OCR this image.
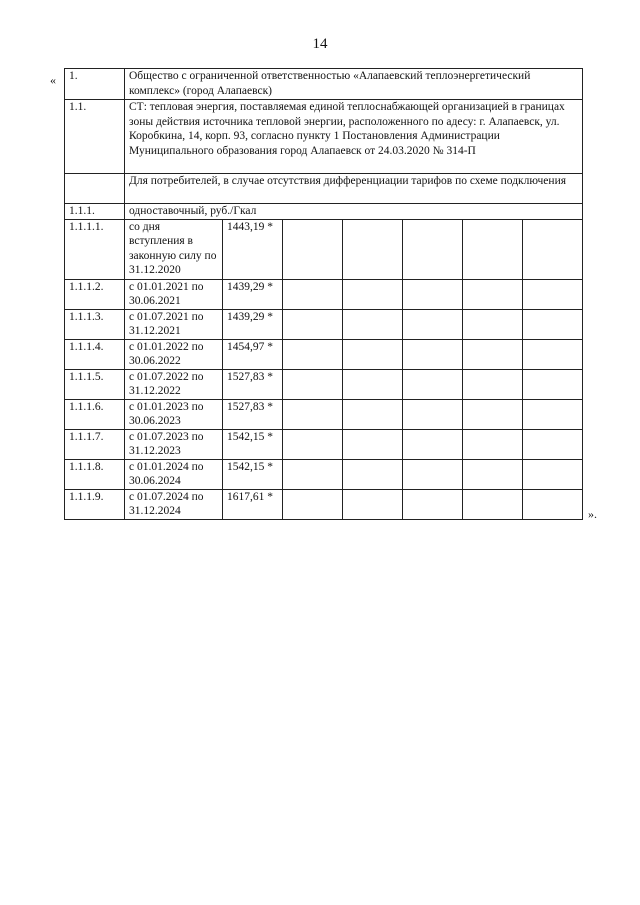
14
« 1.	Общество с ограниченной ответственностью «Алапаевский теплоэнергетический комплекс» (город Алапаевск)						
1.1.	СТ: тепловая энергия, поставляемая единой теплоснабжающей организацией в границах зоны действия источника тепловой энергии, расположенного по адесу: г. Алапаевск, ул. Коробкина, 14, корп. 93, согласно пункту 1 Постановления Администрации Муниципального образования город Алапаевск от 24.03.2020 № 314-П						
	Для потребителей, в случае отсутствия дифференциации тарифов по схеме подключения						
1.1.1.	одноставочный, руб./Гкал						
1.1.1.1.	со дня вступления в законную силу по 31.12.2020	1443,19 *					
1.1.1.2.	с 01.01.2021 по 30.06.2021	1439,29 *					
1.1.1.3.	с 01.07.2021 по 31.12.2021	1439,29 *					
1.1.1.4.	с 01.01.2022 по 30.06.2022	1454,97 *					
1.1.1.5.	с 01.07.2022 по 31.12.2022	1527,83 *					
1.1.1.6.	с 01.01.2023 по 30.06.2023	1527,83 *					
1.1.1.7.	с 01.07.2023 по 31.12.2023	1542,15 *					
1.1.1.8.	с 01.01.2024 по 30.06.2024	1542,15 *					
1.1.1.9.	с 01.07.2024 по 31.12.2024	1617,61 *					
».
